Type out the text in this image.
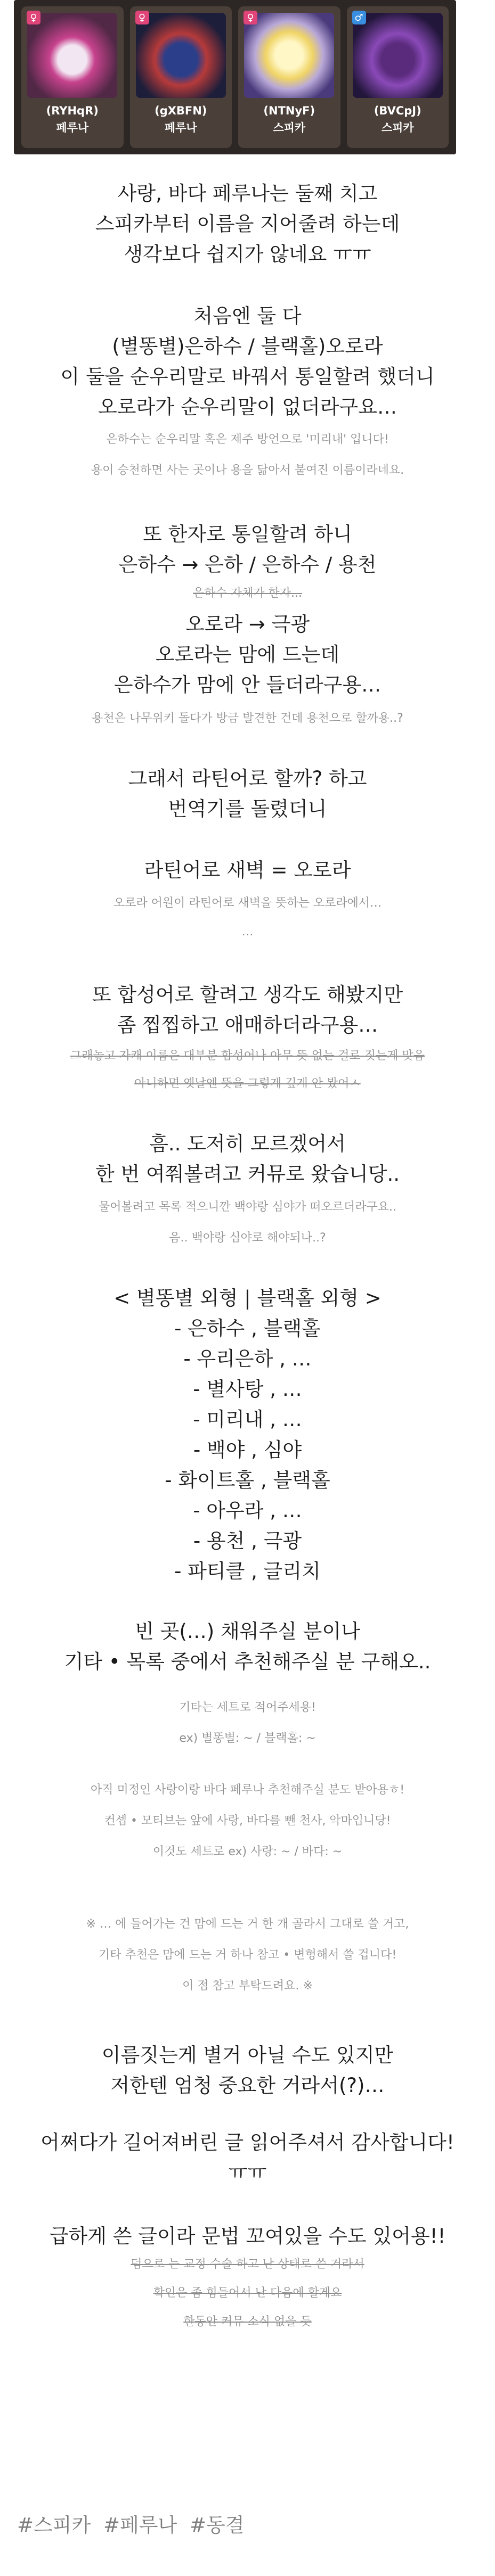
♀
(RYHqR)
페루나
♀
(gXBFN)
페루나
♀
(NTNyF)
스피카
♂
(BVCpJ)
스피카
사랑, 바다 페루나는 둘째 치고
스피카부터 이름을 지어줄려 하는데
생각보다 쉽지가 않네요 ㅠㅠ
처음엔 둘 다
(별똥별)은하수 / 블랙홀)오로라
이 둘을 순우리말로 바꿔서 통일할려 했더니
오로라가 순우리말이 없더라구요…
은하수는 순우리말 혹은 제주 방언으로 '미리내' 입니다!
용이 승천하면 사는 곳이나 용을 닮아서 붙여진 이름이라네요.
또 한자로 통일할려 하니
은하수 → 은하 / 은하수 / 용천
은하수 자체가 한자...
오로라 → 극광
오로라는 맘에 드는데
은하수가 맘에 안 들더라구용…
용천은 나무위키 돌다가 방금 발견한 건데 용천으로 할까용..?
그래서 라틴어로 할까? 하고
번역기를 돌렸더니
라틴어로 새벽 = 오로라
오로라 어원이 라틴어로 새벽을 뜻하는 오로라에서…
…
또 합성어로 할려고 생각도 해봤지만
좀 찝찝하고 애매하더라구용…
그래놓고 자캐 이름은 대부분 합성어나 아무 뜻 없는 걸로 짓는게 맞음
아니하면 옛날엔 뜻을 그렇게 깊게 안 봤어ㅅ
흠.. 도저히 모르겠어서
한 번 여쭤볼려고 커뮤로 왔습니당..
물어볼려고 목록 적으니깐 백야랑 심야가 떠오르더라구요..
음.. 백야랑 심야로 해야되나..?
< 별똥별 외형 | 블랙홀 외형 >
- 은하수 , 블랙홀
- 우리은하 , …
- 별사탕 , …
- 미리내 , …
- 백야 , 심야
- 화이트홀 , 블랙홀
- 아우라 , …
- 용천 , 극광
- 파티클 , 글리치
빈 곳(…) 채워주실 분이나
기타 • 목록 중에서 추천해주실 분 구해오..
기타는 세트로 적어주세용!
ex) 별똥별: ~ / 블랙홀: ~
아직 미정인 사랑이랑 바다 페루나 추천해주실 분도 받아용ㅎ!
컨셉 • 모티브는 앞에 사랑, 바다를 뺀 천사, 악마입니당!
이것도 세트로 ex) 사랑: ~ / 바다: ~
※ … 에 들어가는 건 맘에 드는 거 한 개 골라서 그대로 쓸 거고,
기타 추천은 맘에 드는 거 하나 참고 • 변형해서 쓸 겁니다!
이 점 참고 부탁드려요. ※
이름짓는게 별거 아닐 수도 있지만
저한텐 엄청 중요한 거라서(?)…
어쩌다가 길어져버린 글 읽어주셔서 감사합니다!
ㅠㅠ
급하게 쓴 글이라 문법 꼬여있을 수도 있어용!!
덤으로 는 교정 수술 하고 난 상태로 쓴 거라서
확인은 좀 힘들어서 난 다음에 할게요
한동안 커뮤 소식 없을 듯
#스피카 #페루나 #동결
